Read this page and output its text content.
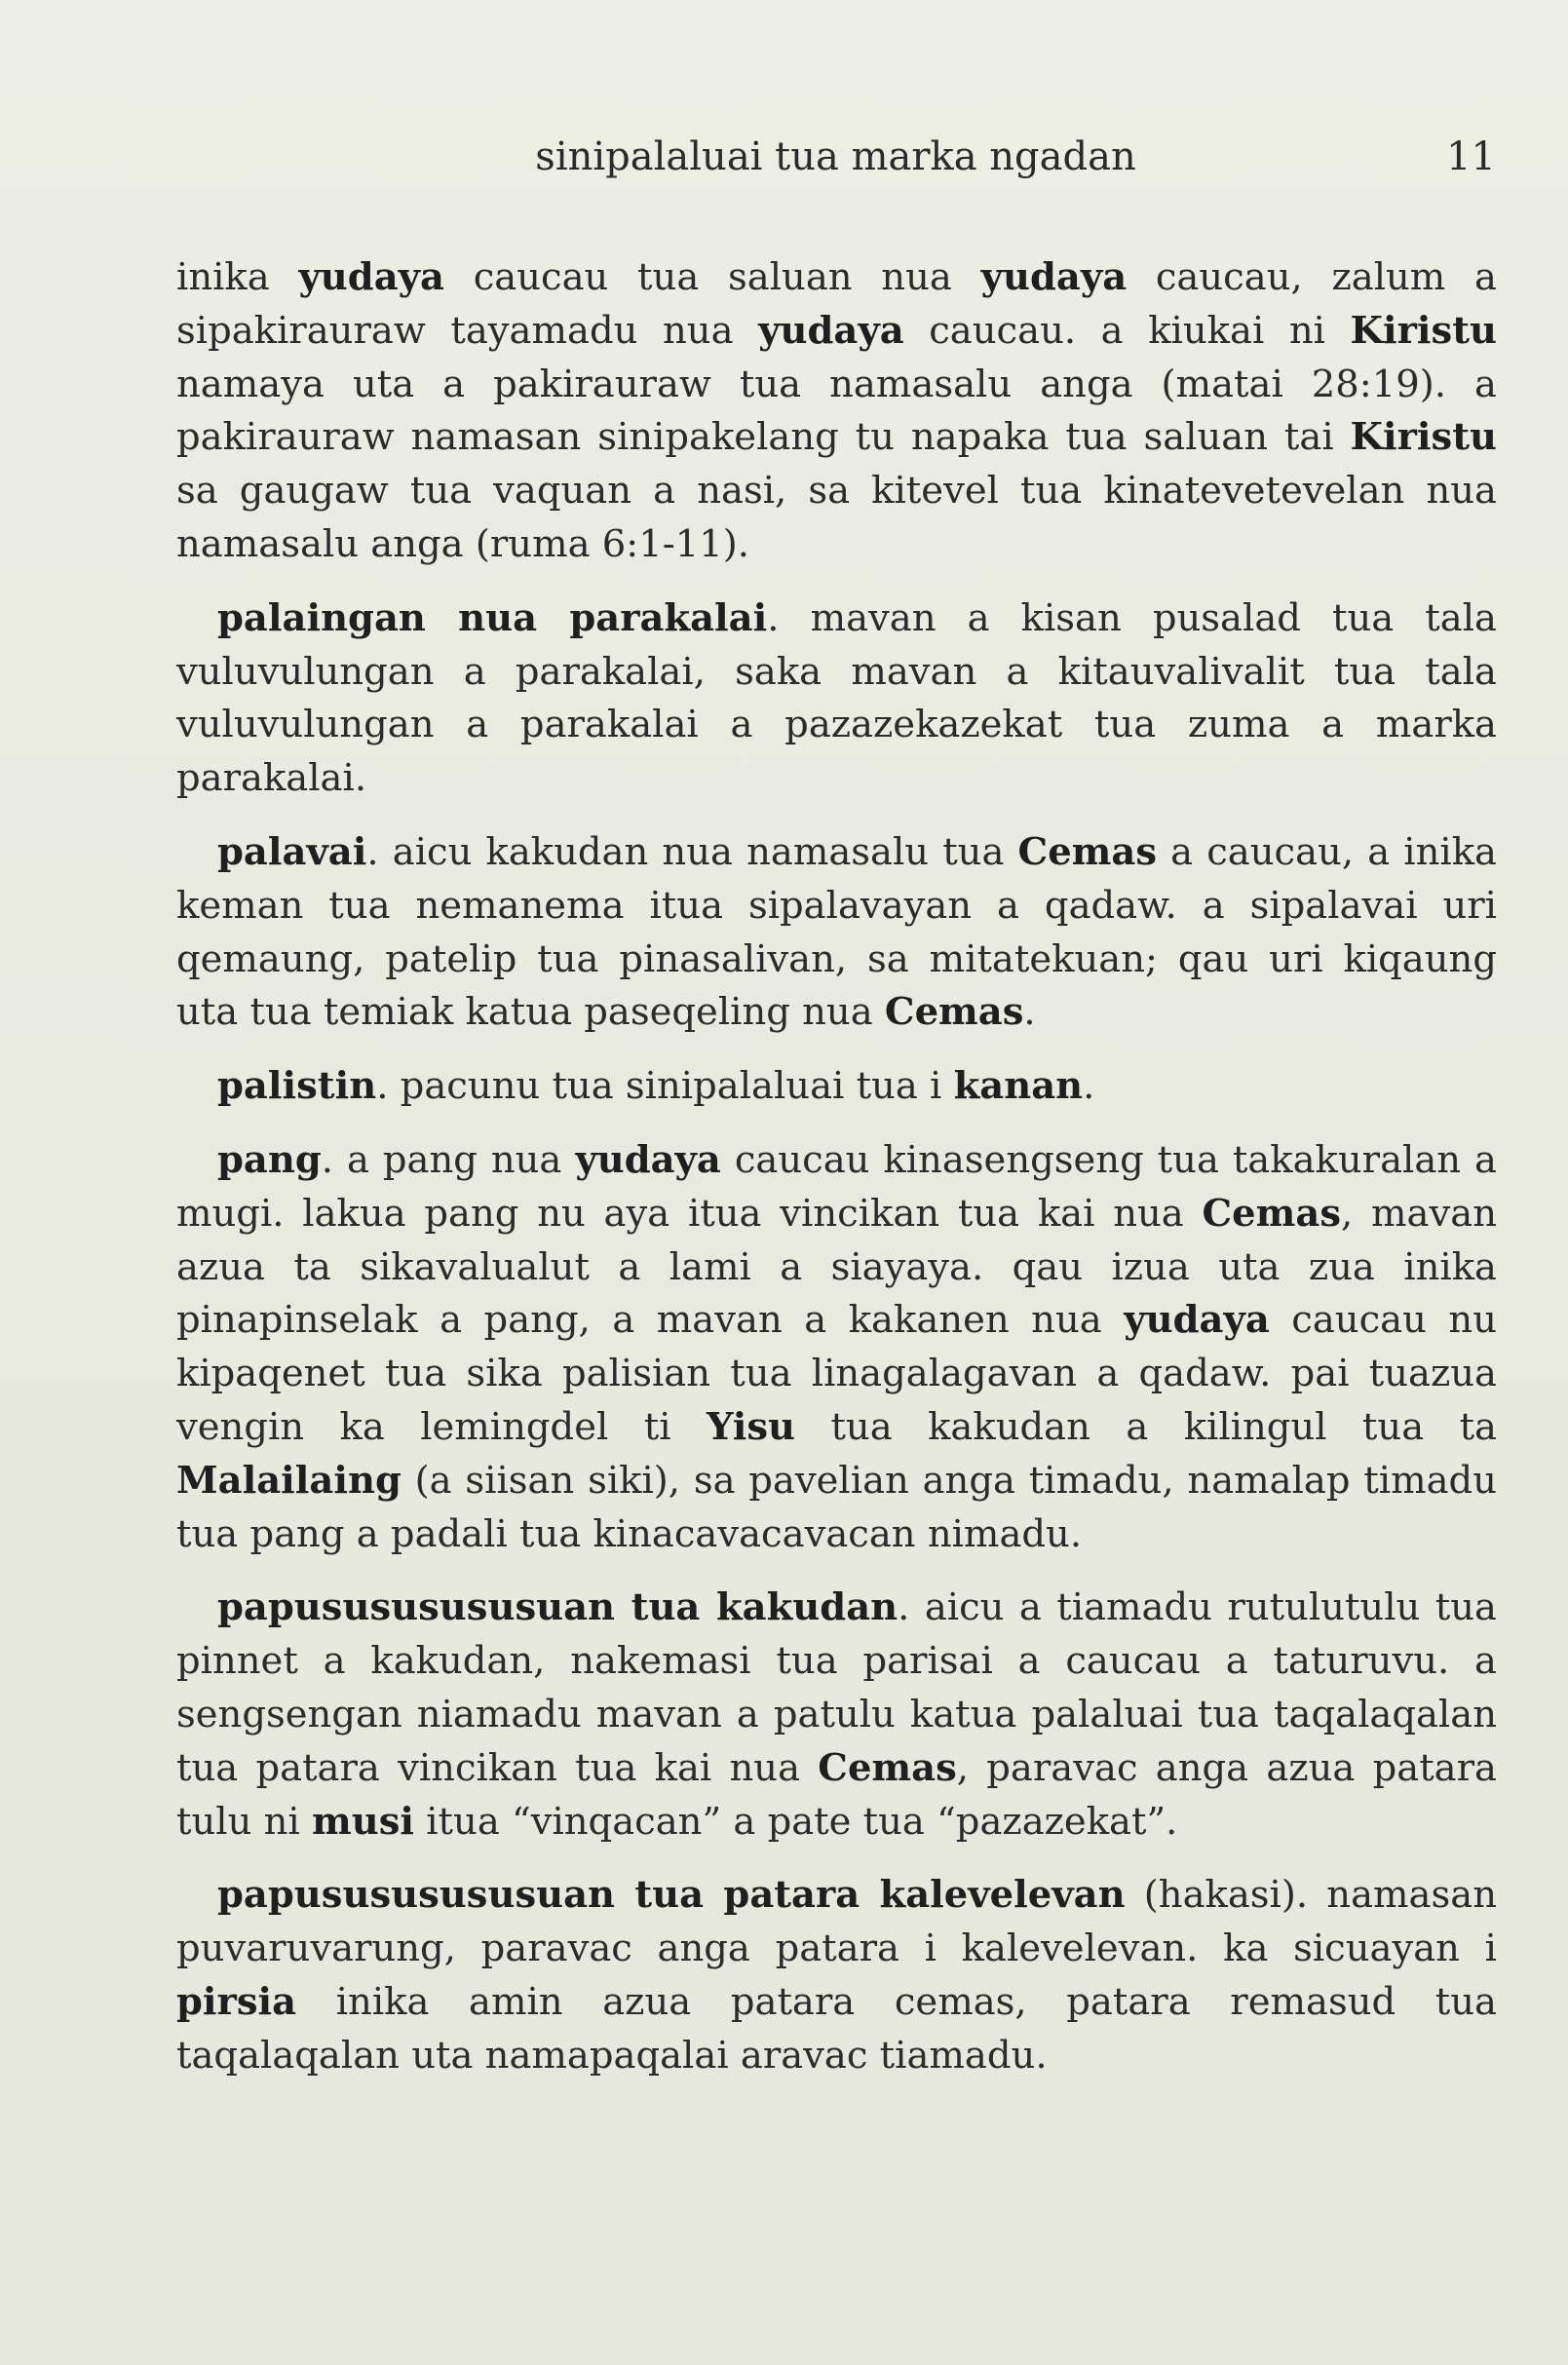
sinipalaluai tua marka ngadan	11

inika yudaya caucau tua saluan nua yudaya caucau, zalum a sipakirauraw tayamadu nua yudaya caucau. a kiukai ni Kiristu namaya uta a pakirauraw tua namasalu anga (matai 28:19). a pakirauraw namasan sinipakelang tu napaka tua saluan tai Kiristu sa gaugaw tua vaquan a nasi, sa kitevel tua kinatevetevelan nua namasalu anga (ruma 6:1-11).

palaingan nua parakalai. mavan a kisan pusalad tua tala vuluvulungan a parakalai, saka mavan a kitauvalivalit tua tala vuluvulungan a parakalai a pazazekazekat tua zuma a marka parakalai.

palavai. aicu kakudan nua namasalu tua Cemas a caucau, a inika keman tua nemanema itua sipalavayan a qadaw. a sipalavai uri qemaung, patelip tua pinasalivan, sa mitatekuan; qau uri kiqaung uta tua temiak katua paseqeling nua Cemas.

palistin. pacunu tua sinipalaluai tua i kanan.

pang. a pang nua yudaya caucau kinasengseng tua takakuralan a mugi. lakua pang nu aya itua vincikan tua kai nua Cemas, mavan azua ta sikavalualut a lami a siayaya. qau izua uta zua inika pinapinselak a pang, a mavan a kakanen nua yudaya caucau nu kipaqenet tua sika palisian tua linagalagavan a qadaw. pai tuazua vengin ka lemingdel ti Yisu tua kakudan a kilingul tua ta Malailaing (a siisan siki), sa pavelian anga timadu, namalap timadu tua pang a padali tua kinacavacavacan nimadu.

papusususususuan tua kakudan. aicu a tiamadu rutulutulu tua pinnet a kakudan, nakemasi tua parisai a caucau a taturuvu. a sengsengan niamadu mavan a patulu katua palaluai tua taqalaqalan tua patara vincikan tua kai nua Cemas, paravac anga azua patara tulu ni musi itua “vinqacan” a pate tua “pazazekat”.

papusususususuan tua patara kalevelevan (hakasi). namasan puvaruvarung, paravac anga patara i kalevelevan. ka sicuayan i pirsia inika amin azua patara cemas, patara remasud tua taqalaqalan uta namapaqalai aravac tiamadu.
